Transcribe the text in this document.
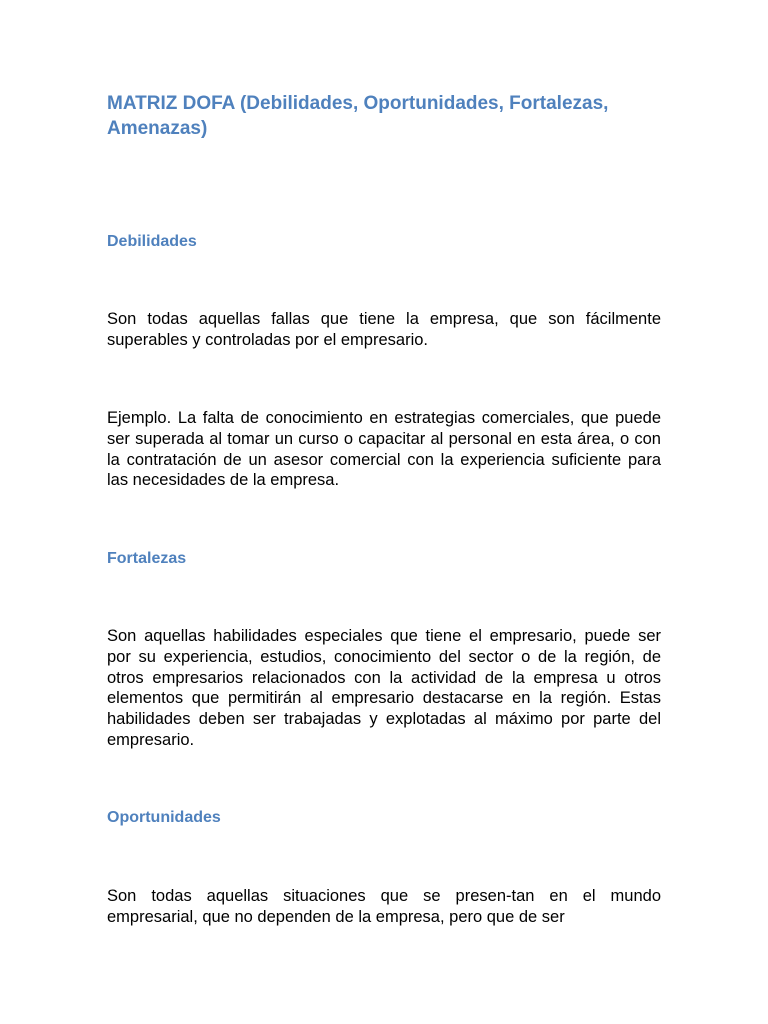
MATRIZ DOFA (Debilidades, Oportunidades, Fortalezas, Amenazas)
Debilidades

Son todas aquellas fallas que tiene la empresa, que son fácilmente superables y controladas por el empresario.

Ejemplo. La falta de conocimiento en estrategias comerciales, que puede ser superada al tomar un curso o capacitar al personal en esta área, o con la contratación de un asesor comercial con la experiencia suficiente para las necesidades de la empresa.

Fortalezas

Son aquellas habilidades especiales que tiene el empresario, puede ser por su experiencia, estudios, conocimiento del sector o de la región, de otros empresarios relacionados con la actividad de la empresa u otros elementos que permitirán al empresario destacarse en la región. Estas habilidades deben ser trabajadas y explotadas al máximo por parte del empresario.

Oportunidades

Son todas aquellas situaciones que se presen-tan en el mundo empresarial, que no dependen de la empresa, pero que de ser
